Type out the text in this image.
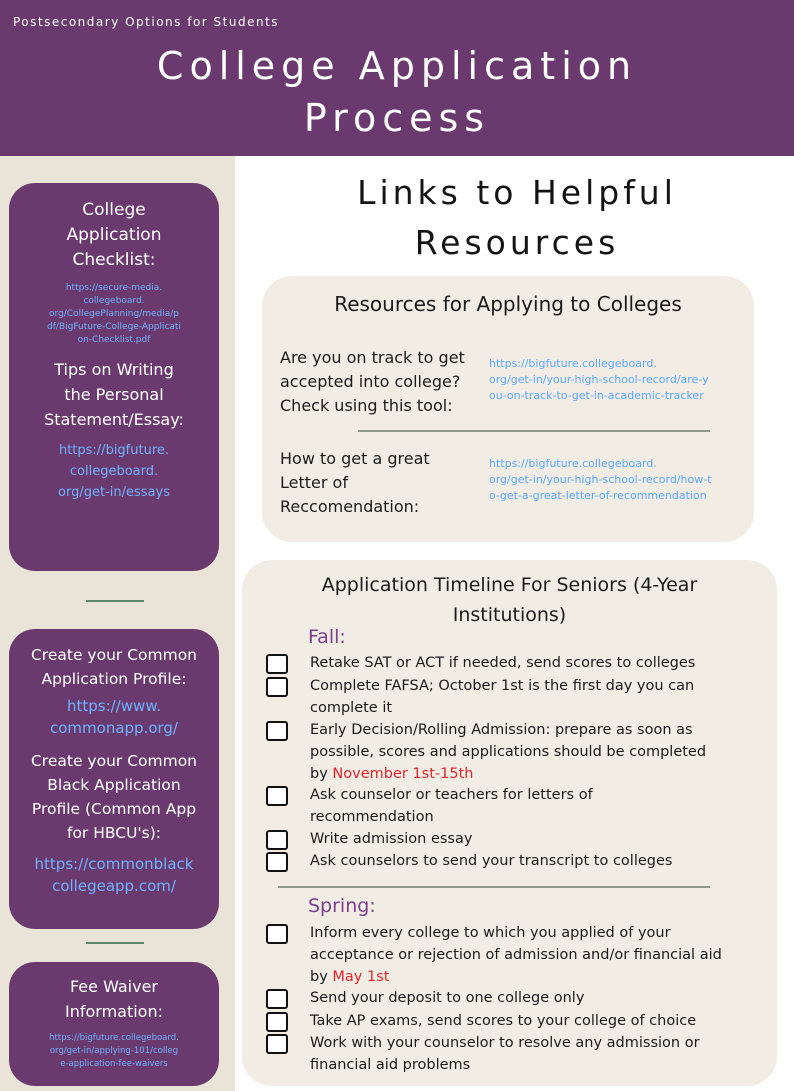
Postsecondary Options for Students
College Application
Process
College
Application
Checklist:
https://secure-media.
collegeboard.
org/CollegePlanning/media/p
df/BigFuture-College-Applicati
on-Checklist.pdf
Tips on Writing
the Personal
Statement/Essay:
https://bigfuture.
collegeboard.
org/get-in/essays
Create your Common
Application Profile:
https://www.
commonapp.org/
Create your Common
Black Application
Profile (Common App
for HBCU's):
https://commonblack
collegeapp.com/
Fee Waiver
Information:
https://bigfuture.collegeboard.
org/get-in/applying-101/colleg
e-application-fee-waivers
Links to Helpful
Resources
Resources for Applying to Colleges
Are you on track to get
accepted into college?
Check using this tool:
https://bigfuture.collegeboard.
org/get-in/your-high-school-record/are-y
ou-on-track-to-get-in-academic-tracker
How to get a great
Letter of
Reccomendation:
https://bigfuture.collegeboard.
org/get-in/your-high-school-record/how-t
o-get-a-great-letter-of-recommendation
Application Timeline For Seniors (4-Year
Institutions)
Fall:
Retake SAT or ACT if needed, send scores to colleges
Complete FAFSA; October 1st is the first day you can
complete it
Early Decision/Rolling Admission: prepare as soon as
possible, scores and applications should be completed
by November 1st-15th
Ask counselor or teachers for letters of
recommendation
Write admission essay
Ask counselors to send your transcript to colleges
Spring:
Inform every college to which you applied of your
acceptance or rejection of admission and/or financial aid
by May 1st
Send your deposit to one college only
Take AP exams, send scores to your college of choice
Work with your counselor to resolve any admission or
financial aid problems
